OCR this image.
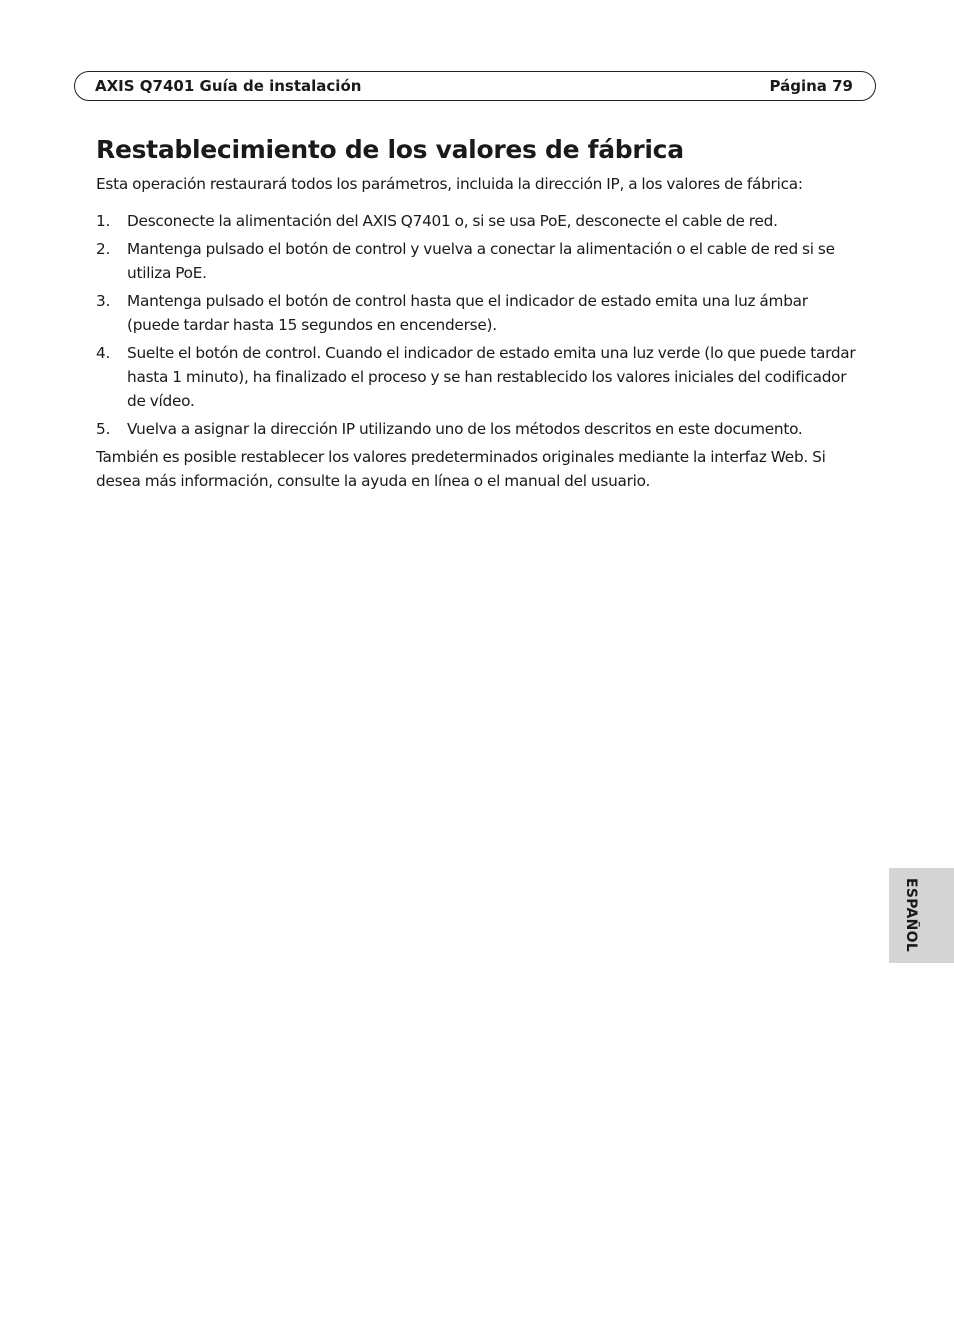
AXIS Q7401 Guía de instalación	Página 79
Restablecimiento de los valores de fábrica

Esta operación restaurará todos los parámetros, incluida la dirección IP, a los valores de fábrica:

1. Desconecte la alimentación del AXIS Q7401 o, si se usa PoE, desconecte el cable de red.
2. Mantenga pulsado el botón de control y vuelva a conectar la alimentación o el cable de red si se utiliza PoE.
3. Mantenga pulsado el botón de control hasta que el indicador de estado emita una luz ámbar (puede tardar hasta 15 segundos en encenderse).
4. Suelte el botón de control. Cuando el indicador de estado emita una luz verde (lo que puede tardar hasta 1 minuto), ha finalizado el proceso y se han restablecido los valores iniciales del codificador de vídeo.
5. Vuelva a asignar la dirección IP utilizando uno de los métodos descritos en este documento.

También es posible restablecer los valores predeterminados originales mediante la interfaz Web. Si desea más información, consulte la ayuda en línea o el manual del usuario.

ESPAÑOL
